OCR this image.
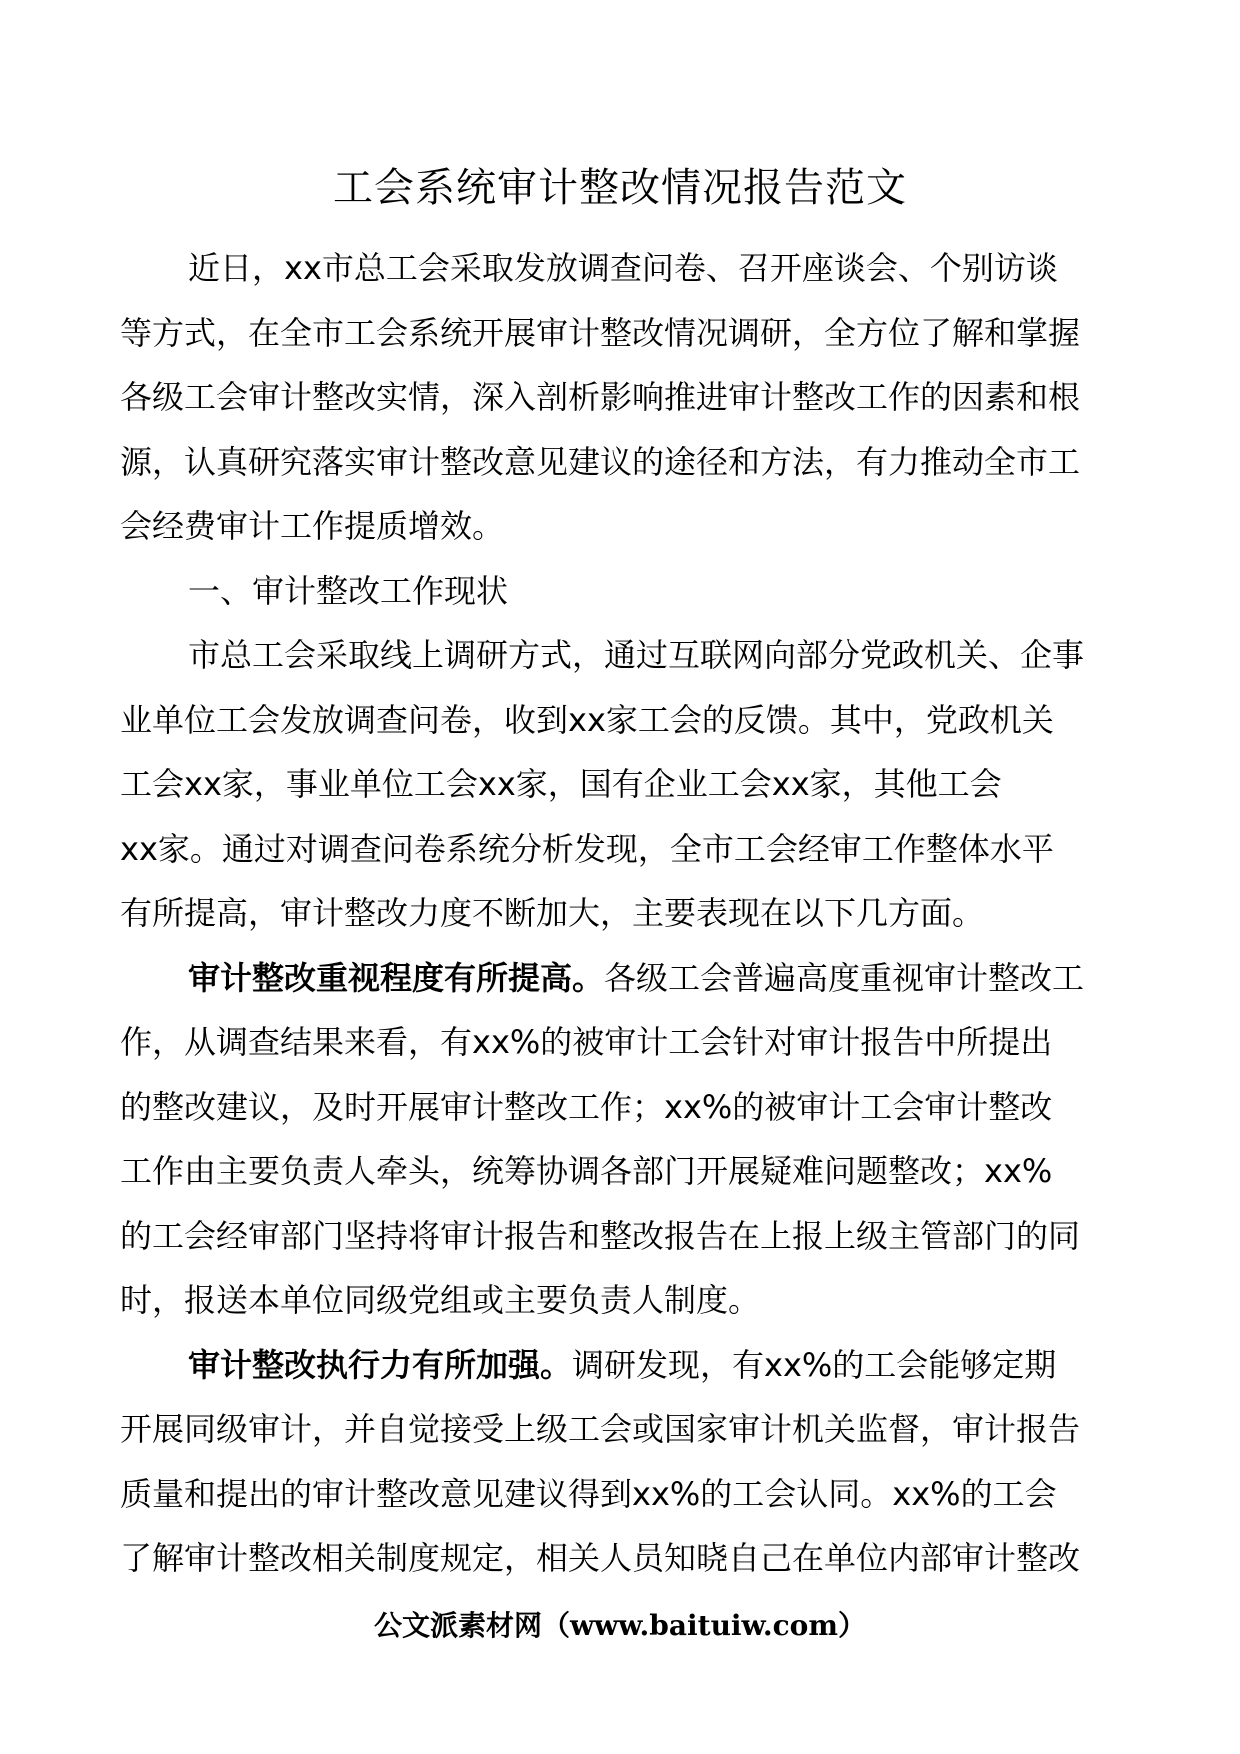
工会系统审计整改情况报告范文
近日，xx市总工会采取发放调查问卷、召开座谈会、个别访谈
等方式，在全市工会系统开展审计整改情况调研，全方位了解和掌握
各级工会审计整改实情，深入剖析影响推进审计整改工作的因素和根
源，认真研究落实审计整改意见建议的途径和方法，有力推动全市工
会经费审计工作提质增效。
一、审计整改工作现状
市总工会采取线上调研方式，通过互联网向部分党政机关、企事
业单位工会发放调查问卷，收到xx家工会的反馈。其中，党政机关
工会xx家，事业单位工会xx家，国有企业工会xx家，其他工会
xx家。通过对调查问卷系统分析发现，全市工会经审工作整体水平
有所提高，审计整改力度不断加大，主要表现在以下几方面。
审计整改重视程度有所提高。各级工会普遍高度重视审计整改工
作，从调查结果来看，有xx%的被审计工会针对审计报告中所提出
的整改建议，及时开展审计整改工作；xx%的被审计工会审计整改
工作由主要负责人牵头，统筹协调各部门开展疑难问题整改；xx%
的工会经审部门坚持将审计报告和整改报告在上报上级主管部门的同
时，报送本单位同级党组或主要负责人制度。
审计整改执行力有所加强。调研发现，有xx%的工会能够定期
开展同级审计，并自觉接受上级工会或国家审计机关监督，审计报告
质量和提出的审计整改意见建议得到xx%的工会认同。xx%的工会
了解审计整改相关制度规定，相关人员知晓自己在单位内部审计整改
公文派素材网（www.baituiw.com）
